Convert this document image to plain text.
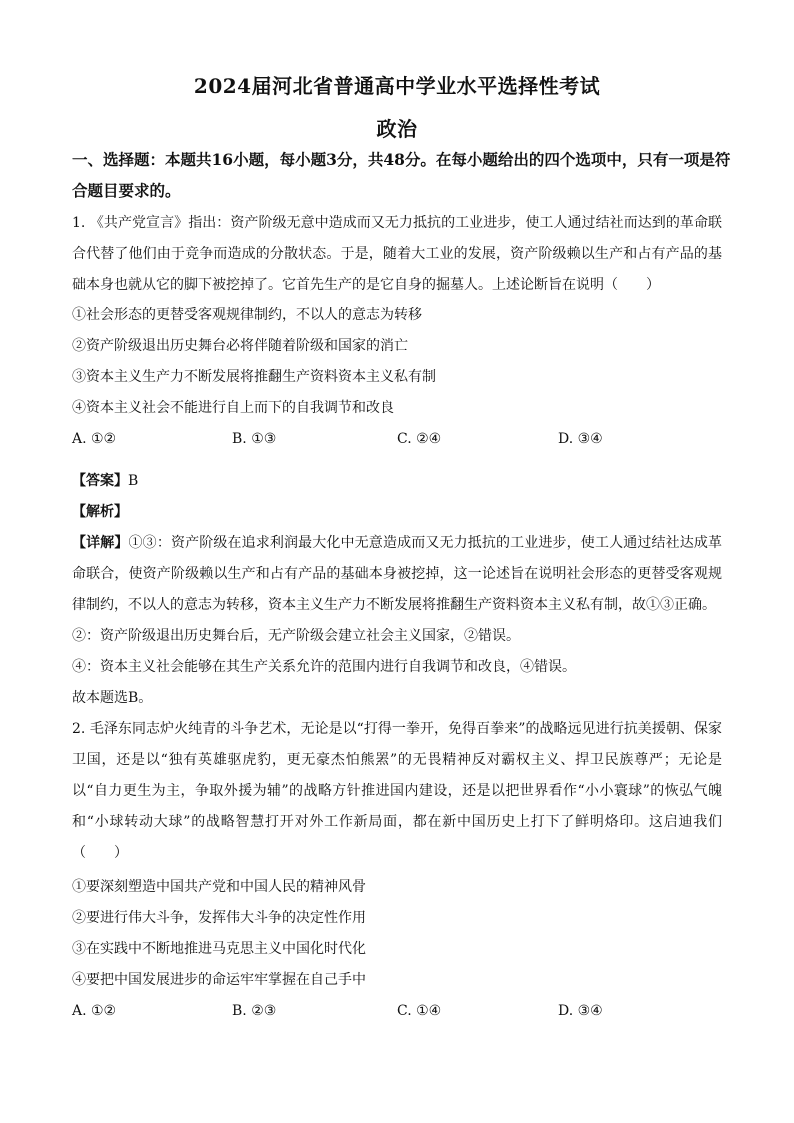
2024届河北省普通高中学业水平选择性考试
政治
一、选择题：本题共16小题，每小题3分，共48分。在每小题给出的四个选项中，只有一项是符合题目要求的。

1. 《共产党宣言》指出：资产阶级无意中造成而又无力抵抗的工业进步，使工人通过结社而达到的革命联合代替了他们由于竞争而造成的分散状态。于是，随着大工业的发展，资产阶级赖以生产和占有产品的基础本身也就从它的脚下被挖掉了。它首先生产的是它自身的掘墓人。上述论断旨在说明（　　）

①社会形态的更替受客观规律制约，不以人的意志为转移

②资产阶级退出历史舞台必将伴随着阶级和国家的消亡

③资本主义生产力不断发展将推翻生产资料资本主义私有制

④资本主义社会不能进行自上而下的自我调节和改良

A. ①②	B. ①③	C. ②④	D. ③④

【答案】B

【解析】

【详解】①③：资产阶级在追求利润最大化中无意造成而又无力抵抗的工业进步，使工人通过结社达成革命联合，使资产阶级赖以生产和占有产品的基础本身被挖掉，这一论述旨在说明社会形态的更替受客观规律制约，不以人的意志为转移，资本主义生产力不断发展将推翻生产资料资本主义私有制，故①③正确。

②：资产阶级退出历史舞台后，无产阶级会建立社会主义国家，②错误。

④：资本主义社会能够在其生产关系允许的范围内进行自我调节和改良，④错误。

故本题选B。

2. 毛泽东同志炉火纯青的斗争艺术，无论是以“打得一拳开，免得百拳来”的战略远见进行抗美援朝、保家卫国，还是以“独有英雄驱虎豹，更无豪杰怕熊罴”的无畏精神反对霸权主义、捍卫民族尊严；无论是以“自力更生为主，争取外援为辅”的战略方针推进国内建设，还是以把世界看作“小小寰球”的恢弘气魄和“小球转动大球”的战略智慧打开对外工作新局面，都在新中国历史上打下了鲜明烙印。这启迪我们（　　）

①要深刻塑造中国共产党和中国人民的精神风骨

②要进行伟大斗争，发挥伟大斗争的决定性作用

③在实践中不断地推进马克思主义中国化时代化

④要把中国发展进步的命运牢牢掌握在自己手中

A. ①②	B. ②③	C. ①④	D. ③④
